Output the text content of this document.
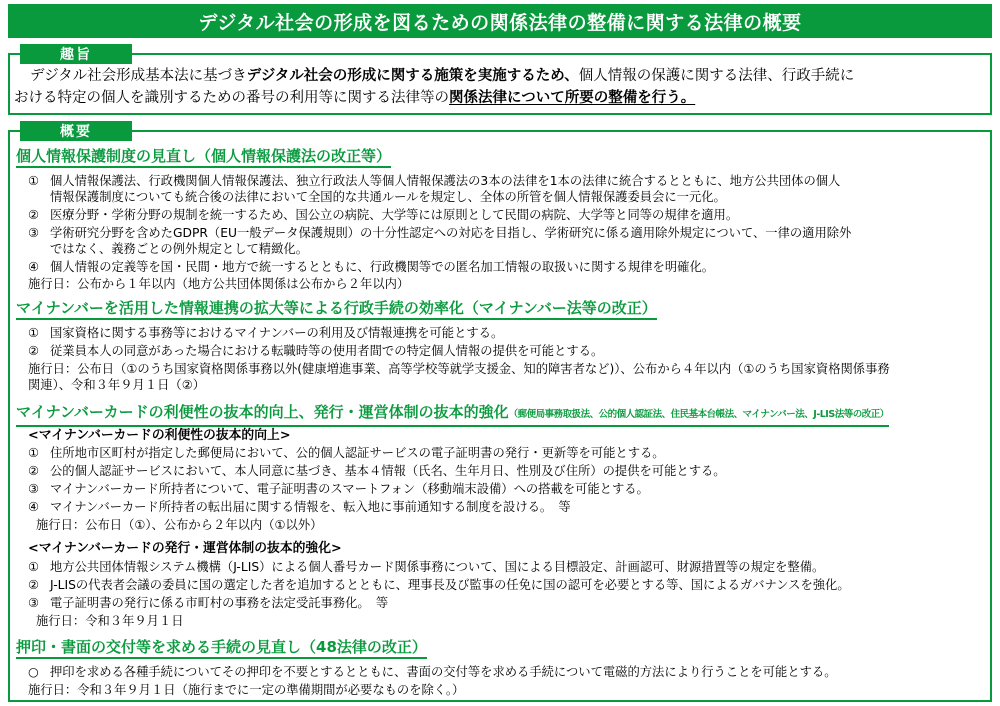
デジタル社会の形成を図るための関係法律の整備に関する法律の概要
趣旨
デジタル社会形成基本法に基づきデジタル社会の形成に関する施策を実施するため、個人情報の保護に関する法律、行政手続に
おける特定の個人を識別するための番号の利用等に関する法律等の関係法律について所要の整備を行う。
概要
個人情報保護制度の見直し（個人情報保護法の改正等）
① 個人情報保護法、行政機関個人情報保護法、独立行政法人等個人情報保護法の3本の法律を1本の法律に統合するとともに、地方公共団体の個人
情報保護制度についても統合後の法律において全国的な共通ルールを規定し、全体の所管を個人情報保護委員会に一元化。
② 医療分野・学術分野の規制を統一するため、国公立の病院、大学等には原則として民間の病院、大学等と同等の規律を適用。
③ 学術研究分野を含めたGDPR（EU一般データ保護規則）の十分性認定への対応を目指し、学術研究に係る適用除外規定について、一律の適用除外
ではなく、義務ごとの例外規定として精緻化。
④ 個人情報の定義等を国・民間・地方で統一するとともに、行政機関等での匿名加工情報の取扱いに関する規律を明確化。
施行日：公布から１年以内（地方公共団体関係は公布から２年以内）
マイナンバーを活用した情報連携の拡大等による行政手続の効率化（マイナンバー法等の改正）
① 国家資格に関する事務等におけるマイナンバーの利用及び情報連携を可能とする。
② 従業員本人の同意があった場合における転職時等の使用者間での特定個人情報の提供を可能とする。
施行日：公布日（①のうち国家資格関係事務以外(健康増進事業、高等学校等就学支援金、知的障害者など)）、公布から４年以内（①のうち国家資格関係事務
関連）、令和３年９月１日（②）
マイナンバーカードの利便性の抜本的向上、発行・運営体制の抜本的強化（郵便局事務取扱法、公的個人認証法、住民基本台帳法、マイナンバー法、J-LIS法等の改正）
<マイナンバーカードの利便性の抜本的向上>
① 住所地市区町村が指定した郵便局において、公的個人認証サービスの電子証明書の発行・更新等を可能とする。
② 公的個人認証サービスにおいて、本人同意に基づき、基本４情報（氏名、生年月日、性別及び住所）の提供を可能とする。
③ マイナンバーカード所持者について、電子証明書のスマートフォン（移動端末設備）への搭載を可能とする。
④ マイナンバーカード所持者の転出届に関する情報を、転入地に事前通知する制度を設ける。　等
施行日：公布日（①）、公布から２年以内（①以外）
<マイナンバーカードの発行・運営体制の抜本的強化>
① 地方公共団体情報システム機構（J-LIS）による個人番号カード関係事務について、国による目標設定、計画認可、財源措置等の規定を整備。
② J-LISの代表者会議の委員に国の選定した者を追加するとともに、理事長及び監事の任免に国の認可を必要とする等、国によるガバナンスを強化。
③ 電子証明書の発行に係る市町村の事務を法定受託事務化。　等
施行日：令和３年９月１日
押印・書面の交付等を求める手続の見直し（48法律の改正）
○ 押印を求める各種手続についてその押印を不要とするとともに、書面の交付等を求める手続について電磁的方法により行うことを可能とする。
施行日：令和３年９月１日（施行までに一定の準備期間が必要なものを除く。）
